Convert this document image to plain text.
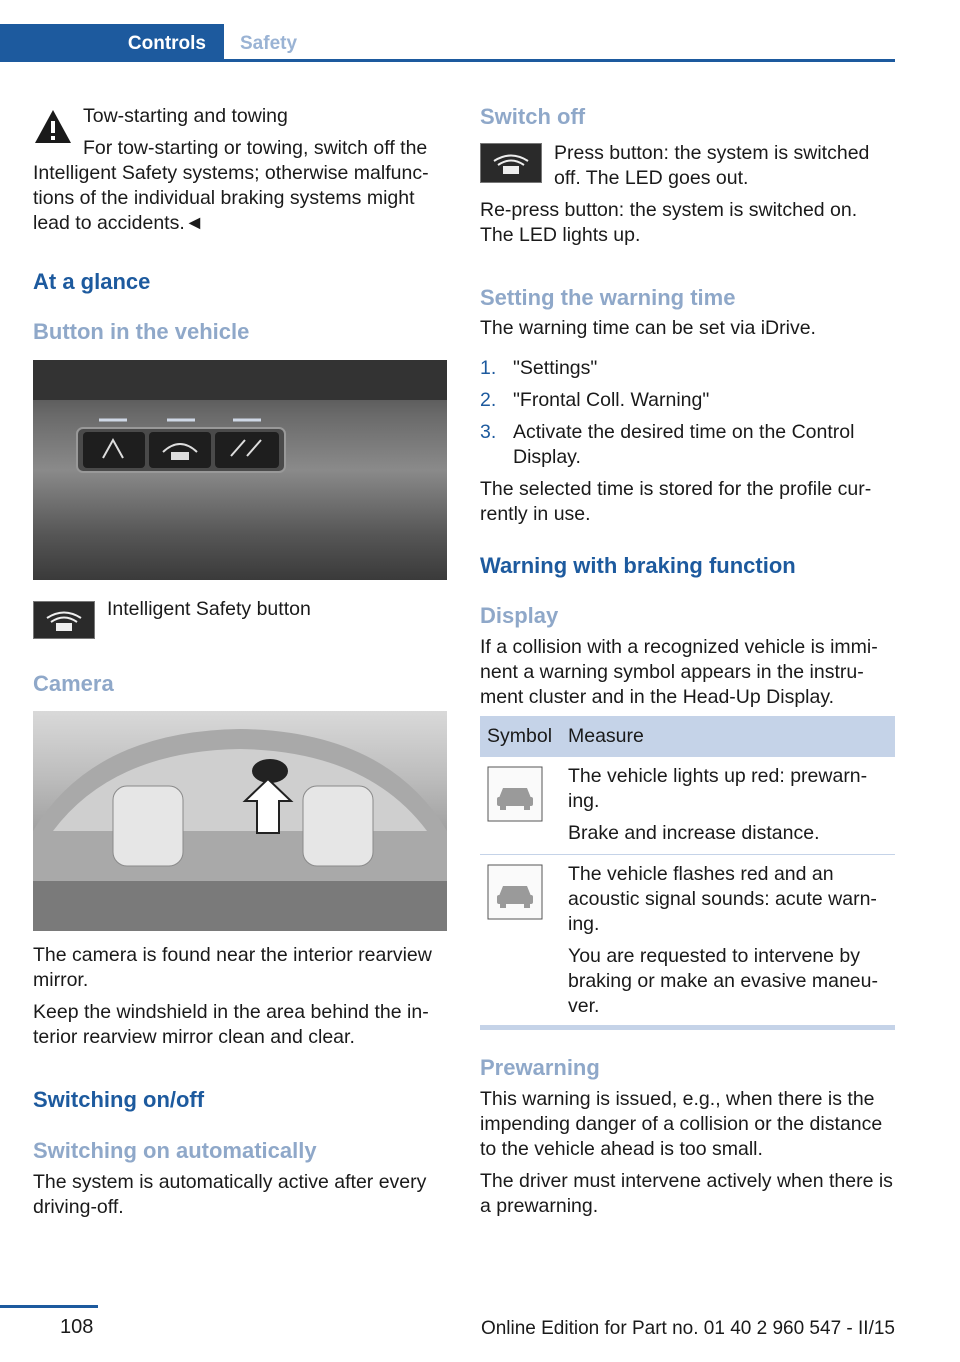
Controls	Safety

Tow-starting and towing

For tow-starting or towing, switch off the

Intelligent Safety systems; otherwise malfunc-tions of the individual braking systems might lead to accidents.◄

At a glance
Button in the vehicle

Intelligent Safety button

Camera

The camera is found near the interior rearview mirror.

Keep the windshield in the area behind the in-terior rearview mirror clean and clear.

Switching on/off
Switching on automatically

The system is automatically active after every driving-off.

Switch off

Press button: the system is switched off. The LED goes out.

Re-press button: the system is switched on. The LED lights up.

Setting the warning time

The warning time can be set via iDrive.

1. "Settings"
2. "Frontal Coll. Warning"
3. Activate the desired time on the Control Display.

The selected time is stored for the profile cur-rently in use.

Warning with braking function
Display

If a collision with a recognized vehicle is immi-nent a warning symbol appears in the instru-ment cluster and in the Head-Up Display.

Symbol Measure

The vehicle lights up red: prewarn-ing.

Brake and increase distance.

The vehicle flashes red and an acoustic signal sounds: acute warn-ing.

You are requested to intervene by braking or make an evasive maneu-ver.

Prewarning

This warning is issued, e.g., when there is the impending danger of a collision or the distance to the vehicle ahead is too small.

The driver must intervene actively when there is a prewarning.

108	Online Edition for Part no. 01 40 2 960 547 - II/15
